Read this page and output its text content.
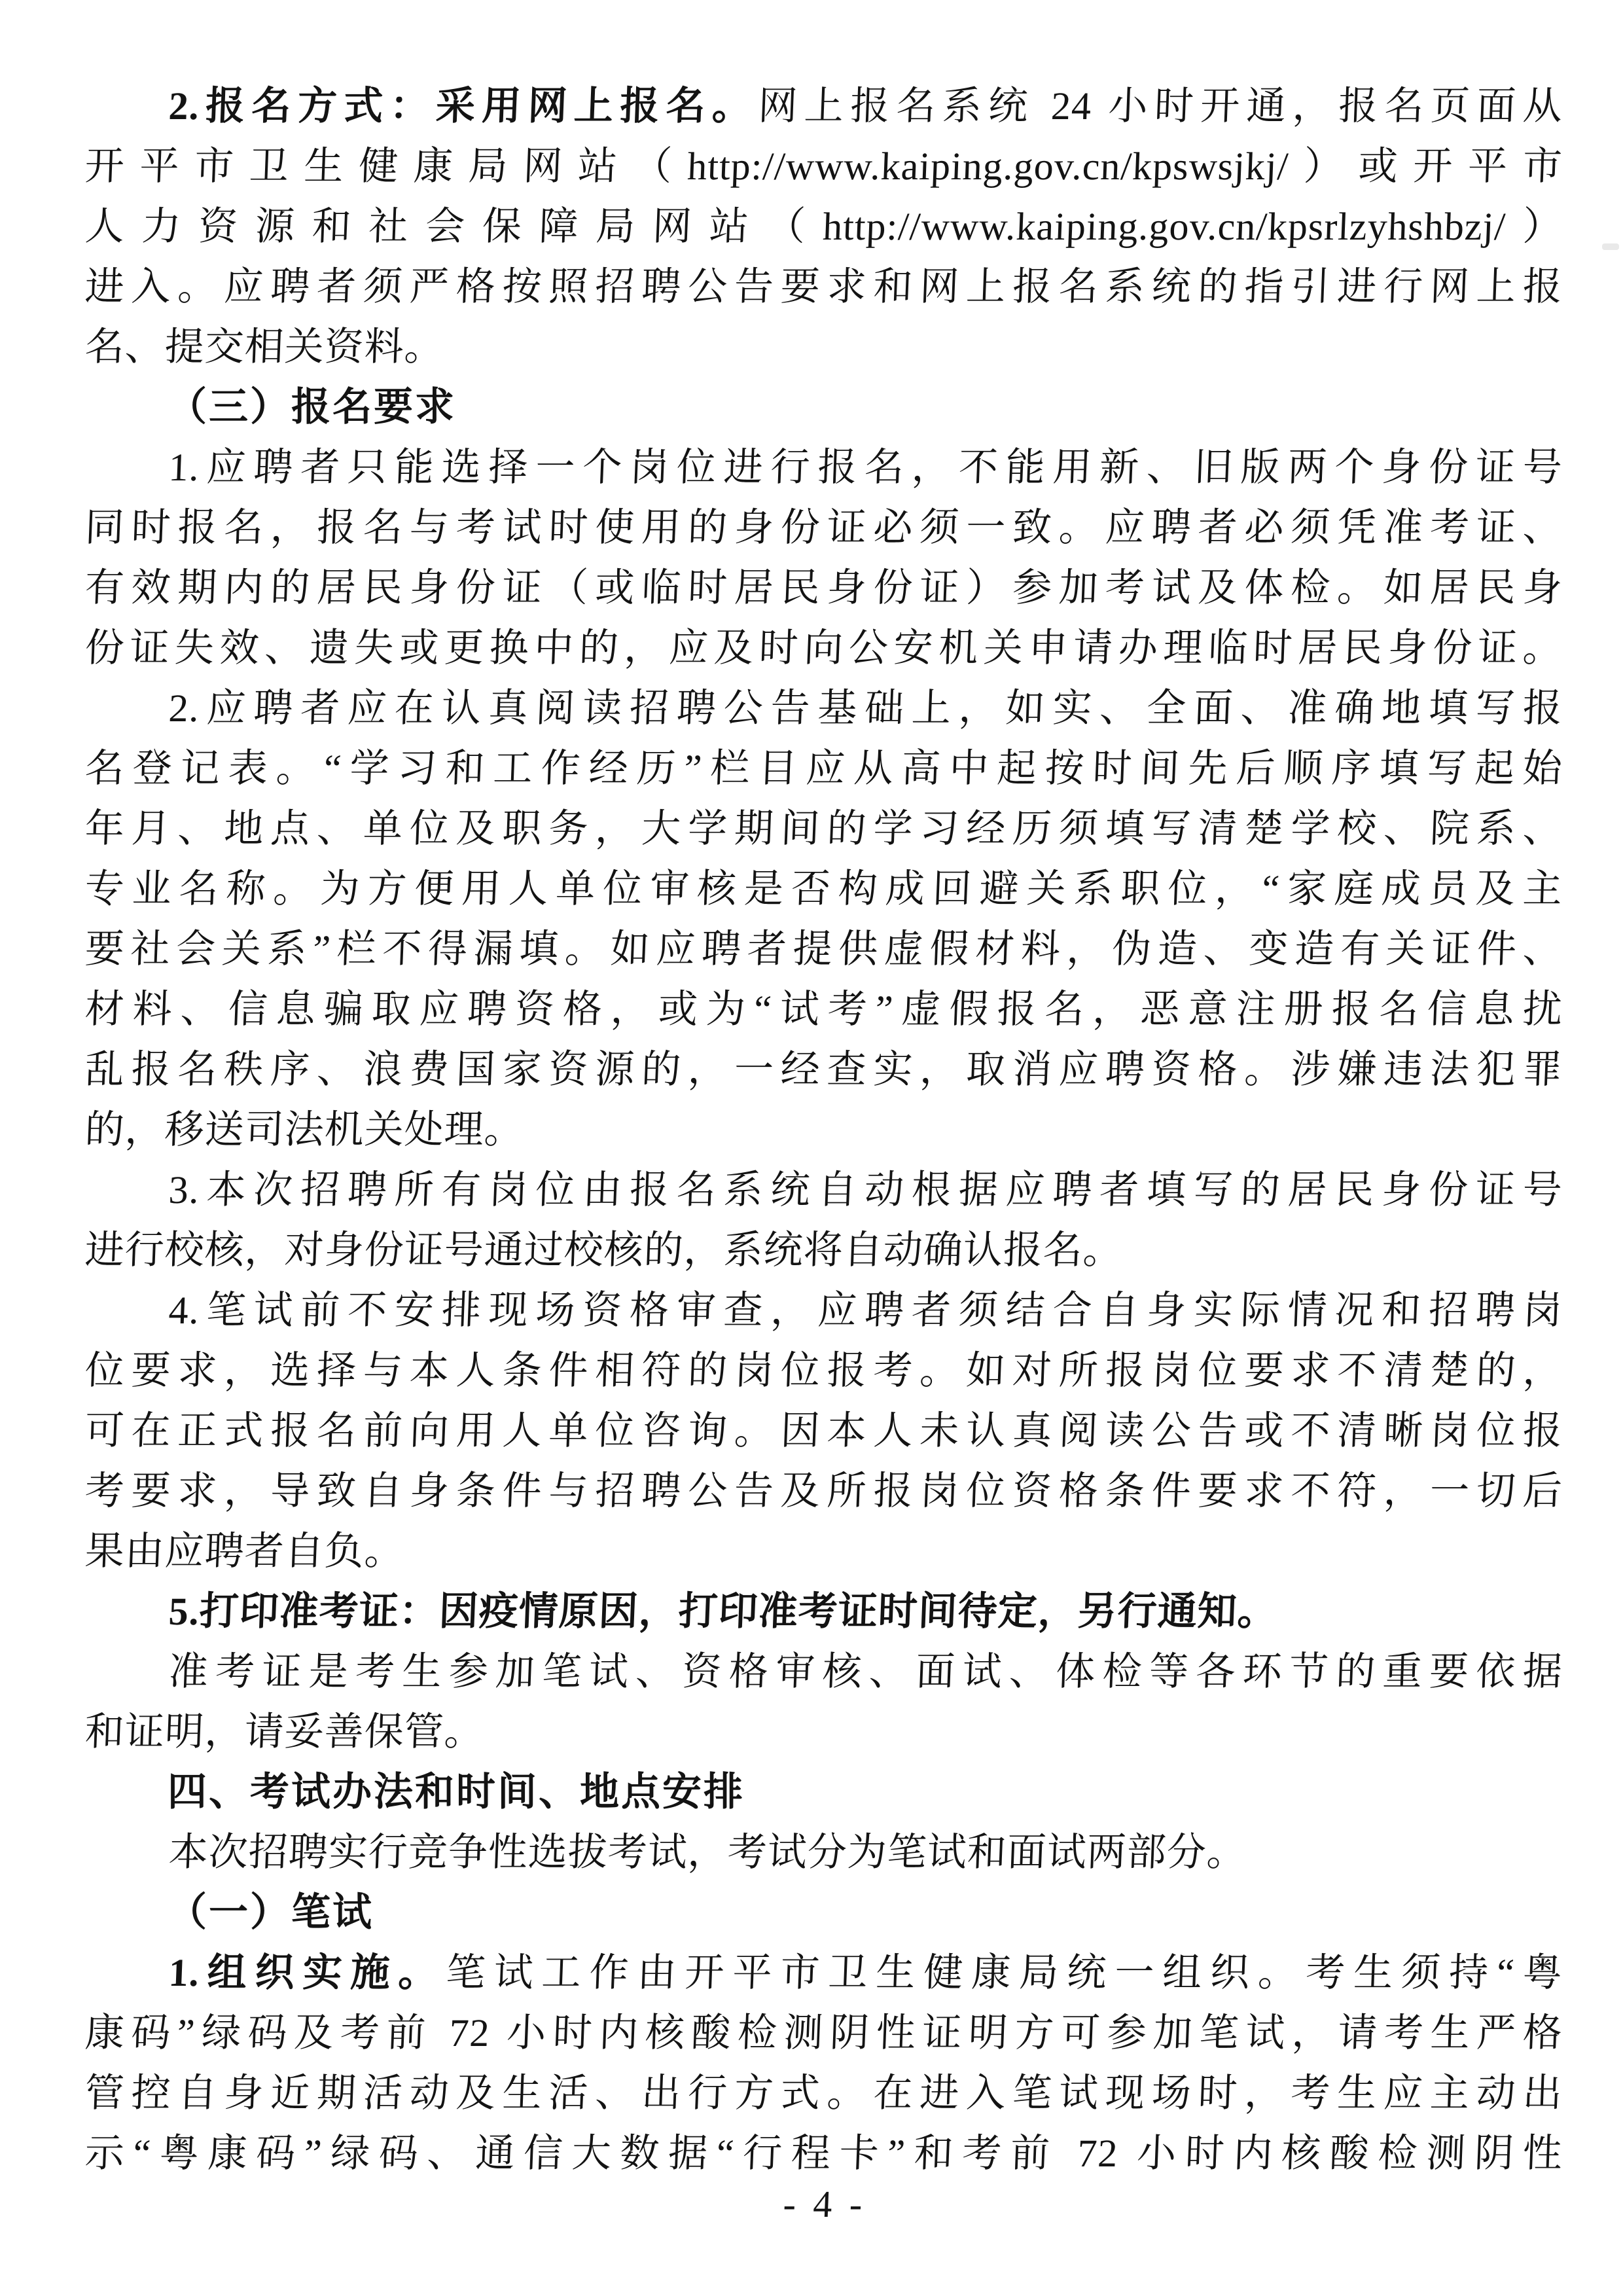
2.报名方式：采用网上报名。网上报名系统 24 小时开通，报名页面从
开平市卫生健康局网站（http://www.kaiping.gov.cn/kpswsjkj/）或开平市
人力资源和社会保障局网站（http://www.kaiping.gov.cn/kpsrlzyhshbzj/）
进入。应聘者须严格按照招聘公告要求和网上报名系统的指引进行网上报
名、提交相关资料。
（三）报名要求
1.应聘者只能选择一个岗位进行报名，不能用新、旧版两个身份证号
同时报名，报名与考试时使用的身份证必须一致。应聘者必须凭准考证、
有效期内的居民身份证（或临时居民身份证）参加考试及体检。如居民身
份证失效、遗失或更换中的，应及时向公安机关申请办理临时居民身份证。
2.应聘者应在认真阅读招聘公告基础上，如实、全面、准确地填写报
名登记表。“学习和工作经历”栏目应从高中起按时间先后顺序填写起始
年月、地点、单位及职务，大学期间的学习经历须填写清楚学校、院系、
专业名称。为方便用人单位审核是否构成回避关系职位，“家庭成员及主
要社会关系”栏不得漏填。如应聘者提供虚假材料，伪造、变造有关证件、
材料、信息骗取应聘资格，或为“试考”虚假报名，恶意注册报名信息扰
乱报名秩序、浪费国家资源的，一经查实，取消应聘资格。涉嫌违法犯罪
的，移送司法机关处理。
3.本次招聘所有岗位由报名系统自动根据应聘者填写的居民身份证号
进行校核，对身份证号通过校核的，系统将自动确认报名。
4.笔试前不安排现场资格审查，应聘者须结合自身实际情况和招聘岗
位要求，选择与本人条件相符的岗位报考。如对所报岗位要求不清楚的，
可在正式报名前向用人单位咨询。因本人未认真阅读公告或不清晰岗位报
考要求，导致自身条件与招聘公告及所报岗位资格条件要求不符，一切后
果由应聘者自负。
5.打印准考证：因疫情原因，打印准考证时间待定，另行通知。
准考证是考生参加笔试、资格审核、面试、体检等各环节的重要依据
和证明，请妥善保管。
四、考试办法和时间、地点安排
本次招聘实行竞争性选拔考试，考试分为笔试和面试两部分。
（一）笔试
1.组织实施。笔试工作由开平市卫生健康局统一组织。考生须持“粤
康码”绿码及考前 72 小时内核酸检测阴性证明方可参加笔试，请考生严格
管控自身近期活动及生活、出行方式。在进入笔试现场时，考生应主动出
示“粤康码”绿码、通信大数据“行程卡”和考前 72 小时内核酸检测阴性
- 4 -
